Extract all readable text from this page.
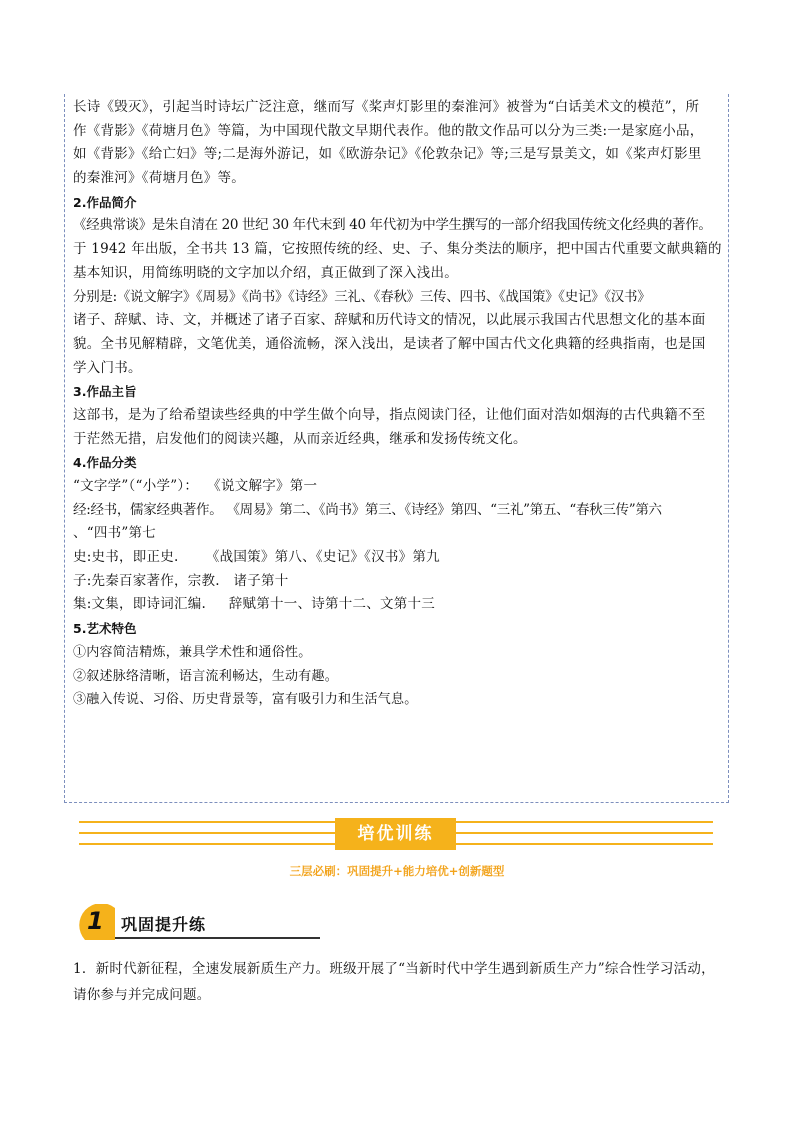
长诗《毁灭》，引起当时诗坛广泛注意，继而写《桨声灯影里的秦淮河》被誉为“白话美术文的模范”，所
作《背影》《荷塘月色》等篇，为中国现代散文早期代表作。他的散文作品可以分为三类:一是家庭小品，
如《背影》《给亡妇》等;二是海外游记，如《欧游杂记》《伦敦杂记》等;三是写景美文，如《桨声灯影里
的秦淮河》《荷塘月色》等。
2.作品简介
《经典常谈》是朱自清在 20 世纪 30 年代末到 40 年代初为中学生撰写的一部介绍我国传统文化经典的著作。
于 1942 年出版，全书共 13 篇，它按照传统的经、史、子、集分类法的顺序，把中国古代重要文献典籍的
基本知识，用简练明晓的文字加以介绍，真正做到了深入浅出。
分别是:《说文解字》《周易》《尚书》《诗经》三礼、《春秋》三传、四书、《战国策》《史记》《汉书》
诸子、辞赋、诗、文，并概述了诸子百家、辞赋和历代诗文的情况，以此展示我国古代思想文化的基本面
貌。全书见解精辟，文笔优美，通俗流畅，深入浅出，是读者了解中国古代文化典籍的经典指南，也是国
学入门书。
3.作品主旨
这部书，是为了给希望读些经典的中学生做个向导，指点阅读门径，让他们面对浩如烟海的古代典籍不至
于茫然无措，启发他们的阅读兴趣，从而亲近经典，继承和发扬传统文化。
4.作品分类
“文字学”（“小学”）：  《说文解字》第一
经:经书，儒家经典著作。 《周易》第二、《尚书》第三、《诗经》第四、“三礼”第五、“春秋三传”第六
、“四书”第七
史:史书，即正史.      《战国策》第八、《史记》《汉书》第九
子:先秦百家著作，宗教.   诸子第十
集:文集，即诗词汇编.     辞赋第十一、诗第十二、文第十三
5.艺术特色
①内容简洁精炼，兼具学术性和通俗性。
②叙述脉络清晰，语言流利畅达，生动有趣。
③融入传说、习俗、历史背景等，富有吸引力和生活气息。
培优训练
三层必刷：巩固提升+能力培优+创新题型
1 巩固提升练
1．新时代新征程，全速发展新质生产力。班级开展了“当新时代中学生遇到新质生产力”综合性学习活动，
请你参与并完成问题。
